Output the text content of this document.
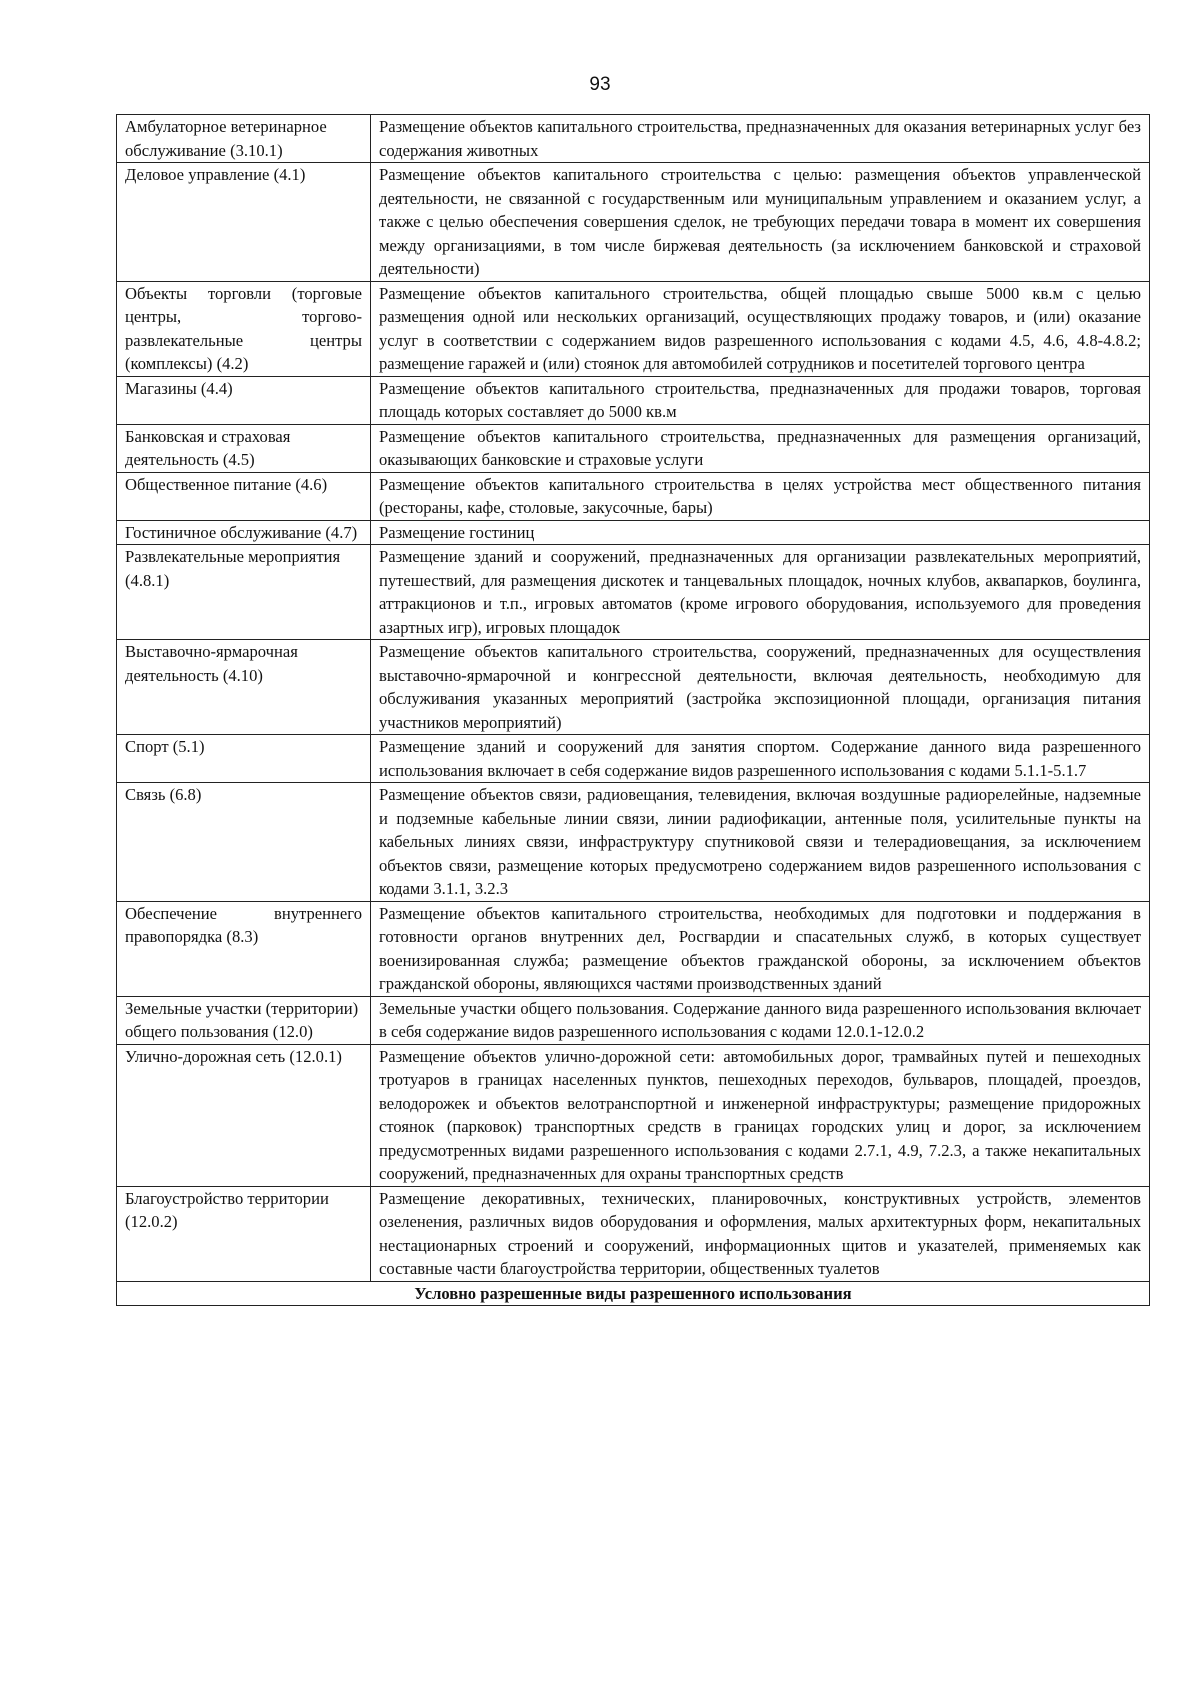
93
Амбулаторное ветеринарное обслуживание (3.10.1)	Размещение объектов капитального строительства, предназначенных для оказания ветеринарных услуг без содержания животных
Деловое управление (4.1)	Размещение объектов капитального строительства с целью: размещения объектов управленческой деятельности, не связанной с государственным или муниципальным управлением и оказанием услуг, а также с целью обеспечения совершения сделок, не требующих передачи товара в момент их совершения между организациями, в том числе биржевая деятельность (за исключением банковской и страховой деятельности)
Объекты торговли (торговые центры, торгово-развлекательные центры (комплексы) (4.2)	Размещение объектов капитального строительства, общей площадью свыше 5000 кв.м с целью размещения одной или нескольких организаций, осуществляющих продажу товаров, и (или) оказание услуг в соответствии с содержанием видов разрешенного использования с кодами 4.5, 4.6, 4.8-4.8.2; размещение гаражей и (или) стоянок для автомобилей сотрудников и посетителей торгового центра
Магазины (4.4)	Размещение объектов капитального строительства, предназначенных для продажи товаров, торговая площадь которых составляет до 5000 кв.м
Банковская и страховая деятельность (4.5)	Размещение объектов капитального строительства, предназначенных для размещения организаций, оказывающих банковские и страховые услуги
Общественное питание (4.6)	Размещение объектов капитального строительства в целях устройства мест общественного питания (рестораны, кафе, столовые, закусочные, бары)
Гостиничное обслуживание (4.7)	Размещение гостиниц
Развлекательные мероприятия (4.8.1)	Размещение зданий и сооружений, предназначенных для организации развлекательных мероприятий, путешествий, для размещения дискотек и танцевальных площадок, ночных клубов, аквапарков, боулинга, аттракционов и т.п., игровых автоматов (кроме игрового оборудования, используемого для проведения азартных игр), игровых площадок
Выставочно-ярмарочная деятельность (4.10)	Размещение объектов капитального строительства, сооружений, предназначенных для осуществления выставочно-ярмарочной и конгрессной деятельности, включая деятельность, необходимую для обслуживания указанных мероприятий (застройка экспозиционной площади, организация питания участников мероприятий)
Спорт (5.1)	Размещение зданий и сооружений для занятия спортом. Содержание данного вида разрешенного использования включает в себя содержание видов разрешенного использования с кодами 5.1.1-5.1.7
Связь (6.8)	Размещение объектов связи, радиовещания, телевидения, включая воздушные радиорелейные, надземные и подземные кабельные линии связи, линии радиофикации, антенные поля, усилительные пункты на кабельных линиях связи, инфраструктуру спутниковой связи и телерадиовещания, за исключением объектов связи, размещение которых предусмотрено содержанием видов разрешенного использования с кодами 3.1.1, 3.2.3
Обеспечение внутреннего правопорядка (8.3)	Размещение объектов капитального строительства, необходимых для подготовки и поддержания в готовности органов внутренних дел, Росгвардии и спасательных служб, в которых существует военизированная служба; размещение объектов гражданской обороны, за исключением объектов гражданской обороны, являющихся частями производственных зданий
Земельные участки (территории) общего пользования (12.0)	Земельные участки общего пользования. Содержание данного вида разрешенного использования включает в себя содержание видов разрешенного использования с кодами 12.0.1-12.0.2
Улично-дорожная сеть (12.0.1)	Размещение объектов улично-дорожной сети: автомобильных дорог, трамвайных путей и пешеходных тротуаров в границах населенных пунктов, пешеходных переходов, бульваров, площадей, проездов, велодорожек и объектов велотранспортной и инженерной инфраструктуры; размещение придорожных стоянок (парковок) транспортных средств в границах городских улиц и дорог, за исключением предусмотренных видами разрешенного использования с кодами 2.7.1, 4.9, 7.2.3, а также некапитальных сооружений, предназначенных для охраны транспортных средств
Благоустройство территории (12.0.2)	Размещение декоративных, технических, планировочных, конструктивных устройств, элементов озеленения, различных видов оборудования и оформления, малых архитектурных форм, некапитальных нестационарных строений и сооружений, информационных щитов и указателей, применяемых как составные части благоустройства территории, общественных туалетов
Условно разрешенные виды разрешенного использования	
